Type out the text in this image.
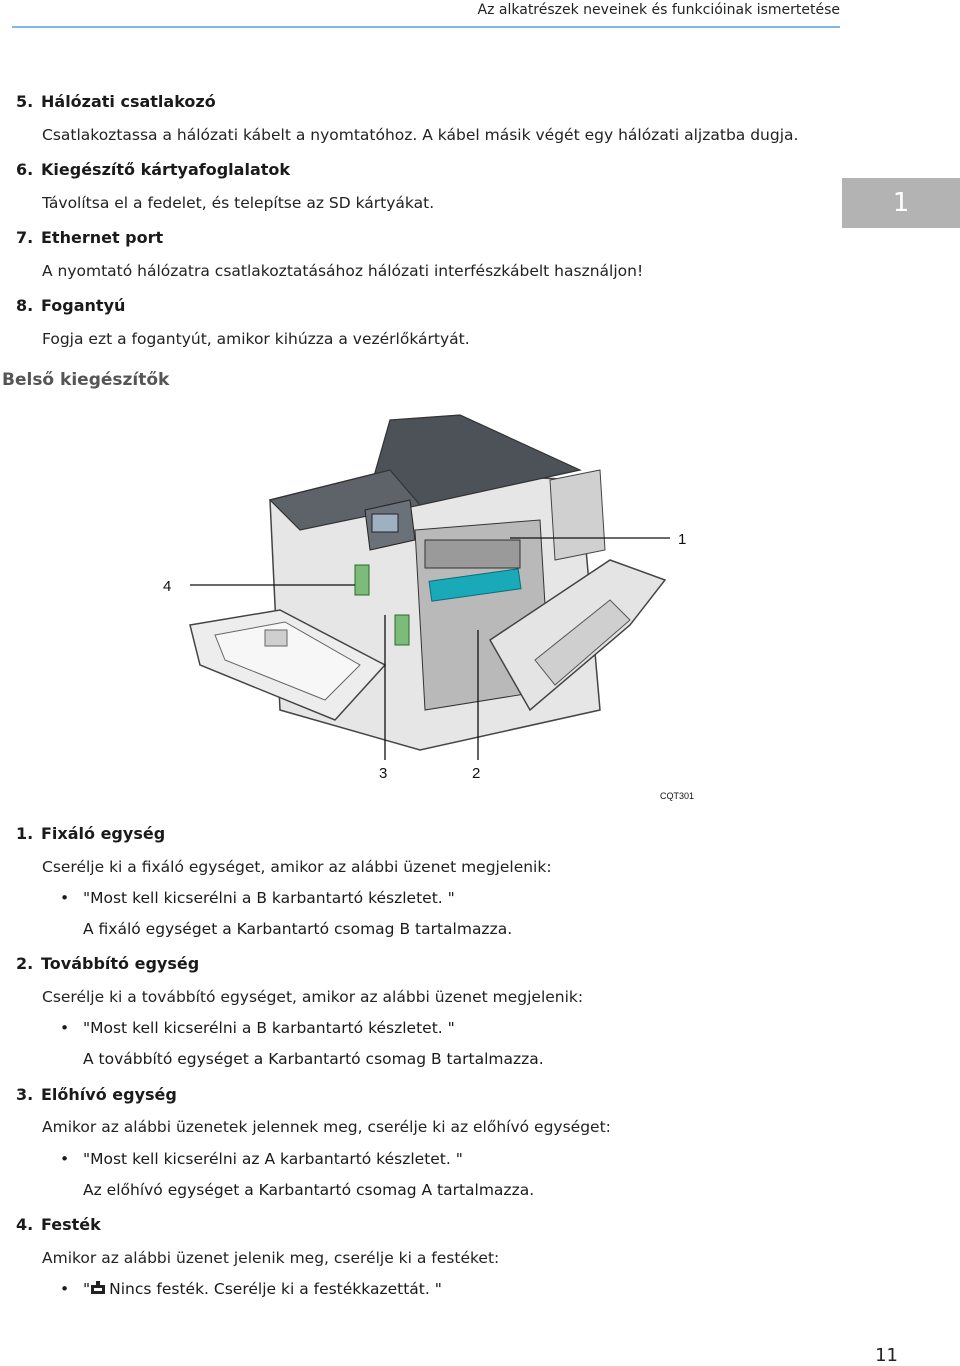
Az alkatrészek neveinek és funkcióinak ismertetése
1
5. Hálózati csatlakozó
Csatlakoztassa a hálózati kábelt a nyomtatóhoz. A kábel másik végét egy hálózati aljzatba dugja.
6. Kiegészítő kártyafoglalatok
Távolítsa el a fedelet, és telepítse az SD kártyákat.
7. Ethernet port
A nyomtató hálózatra csatlakoztatásához hálózati interfészkábelt használjon!
8. Fogantyú
Fogja ezt a fogantyút, amikor kihúzza a vezérlőkártyát.
Belső kiegészítők
1
2
3
4
CQT301
1. Fixáló egység
Cserélje ki a fixáló egységet, amikor az alábbi üzenet megjelenik:
• "Most kell kicserélni a B karbantartó készletet. "
A fixáló egységet a Karbantartó csomag B tartalmazza.
2. Továbbító egység
Cserélje ki a továbbító egységet, amikor az alábbi üzenet megjelenik:
• "Most kell kicserélni a B karbantartó készletet. "
A továbbító egységet a Karbantartó csomag B tartalmazza.
3. Előhívó egység
Amikor az alábbi üzenetek jelennek meg, cserélje ki az előhívó egységet:
• "Most kell kicserélni az A karbantartó készletet. "
Az előhívó egységet a Karbantartó csomag A tartalmazza.
4. Festék
Amikor az alábbi üzenet jelenik meg, cserélje ki a festéket:
• " Nincs festék. Cserélje ki a festékkazettát. "
11
